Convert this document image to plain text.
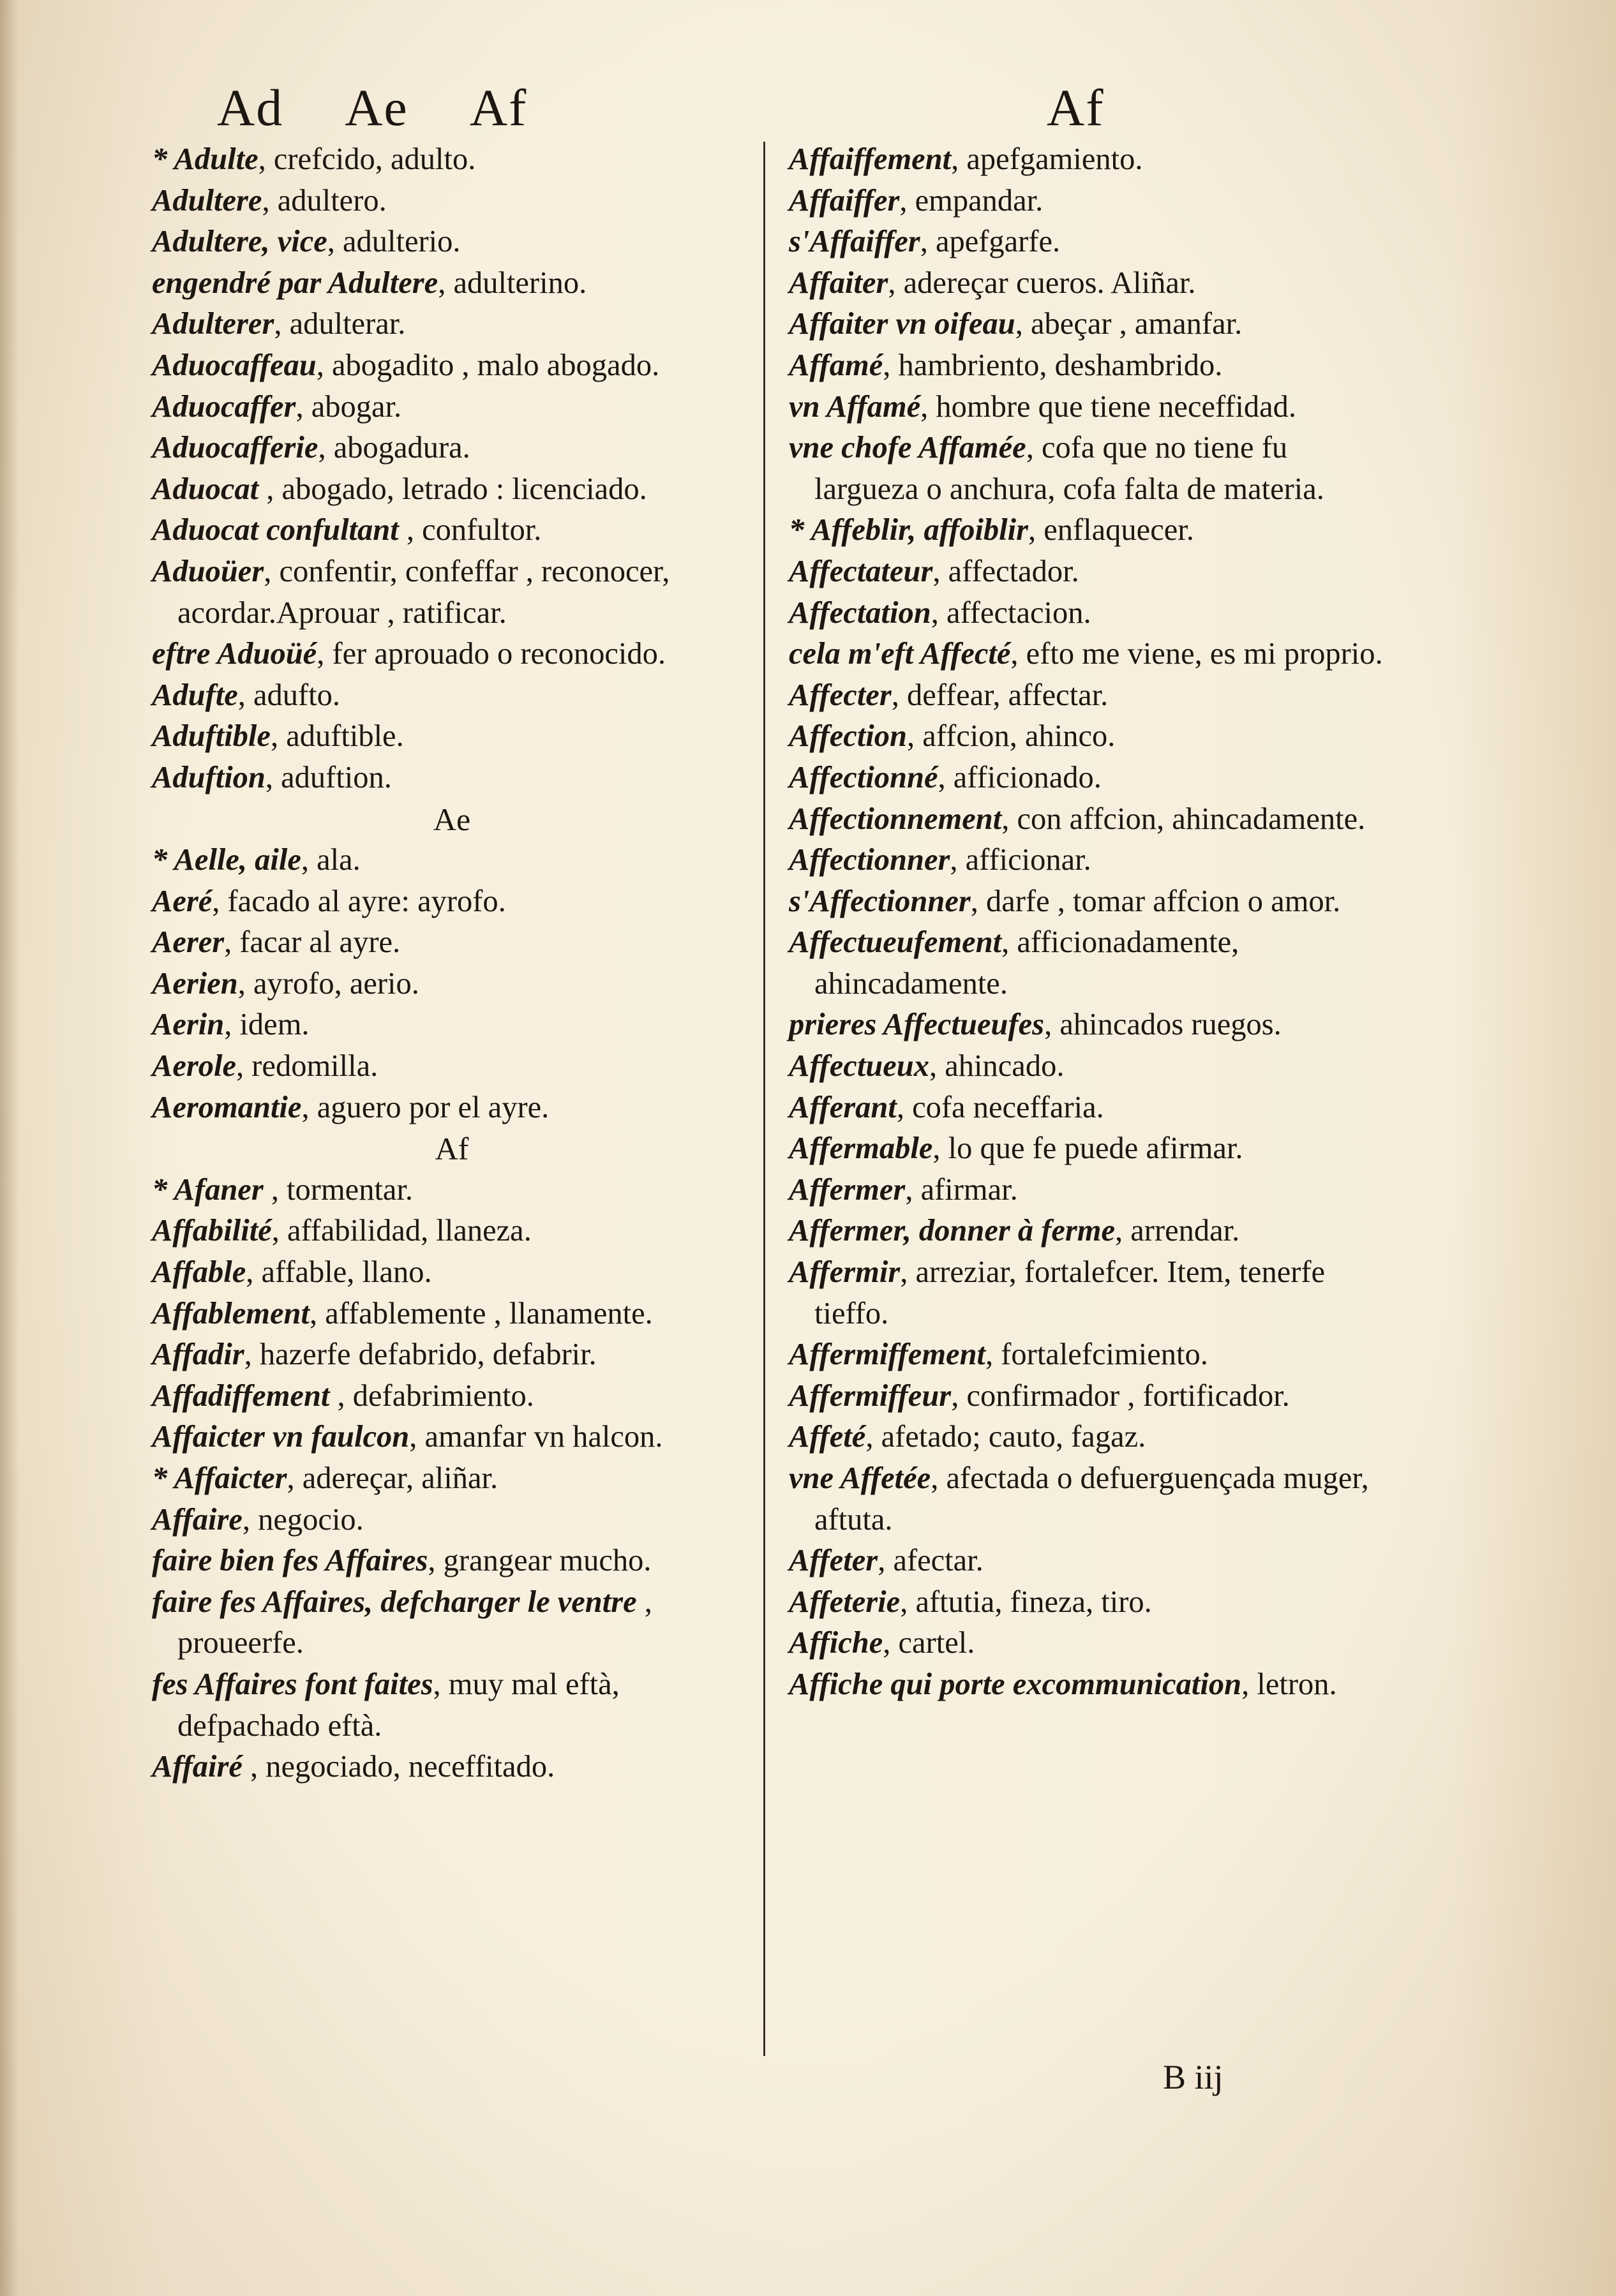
Ad Ae Af	Af

* Adulte, crefcido, adulto.

Adultere, adultero.

Adultere, vice, adulterio.

engendré par Adultere, adulterino.

Adulterer, adulterar.

Aduocaffeau, abogadito , malo abogado.

Aduocaffer, abogar.

Aduocafferie, abogadura.

Aduocat , abogado, letrado : licenciado.

Aduocat confultant , confultor.

Aduoüer, confentir, confeffar , reconocer, acordar.Aprouar , ratificar.

eftre Aduoüé, fer aprouado o reconocido.

Adufte, adufto.

Aduftible, aduftible.

Aduftion, aduftion.

Ae

* Aelle, aile, ala.

Aeré, facado al ayre: ayrofo.

Aerer, facar al ayre.

Aerien, ayrofo, aerio.

Aerin, idem.

Aerole, redomilla.

Aeromantie, aguero por el ayre.

Af

* Afaner , tormentar.

Affabilité, affabilidad, llaneza.

Affable, affable, llano.

Affablement, affablemente , llanamente.

Affadir, hazerfe defabrido, defabrir.

Affadiffement , defabrimiento.

Affaicter vn faulcon, amanfar vn halcon.

* Affaicter, adereçar, aliñar.

Affaire, negocio.

faire bien fes Affaires, grangear mucho.

faire fes Affaires, defcharger le ventre , proueerfe.

fes Affaires font faites, muy mal eftà, defpachado eftà.

Affairé , negociado, neceffitado.

Affaiffement, apefgamiento.

Affaiffer, empandar.

s'Affaiffer, apefgarfe.

Affaiter, adereçar cueros. Aliñar.

Affaiter vn oifeau, abeçar , amanfar.

Affamé, hambriento, deshambrido.

vn Affamé, hombre que tiene neceffidad.

vne chofe Affamée, cofa que no tiene fu largueza o anchura, cofa falta de materia.

* Affeblir, affoiblir, enflaquecer.

Affectateur, affectador.

Affectation, affectacion.

cela m'eft Affecté, efto me viene, es mi proprio.

Affecter, deffear, affectar.

Affection, affcion, ahinco.

Affectionné, afficionado.

Affectionnement, con affcion, ahincadamente.

Affectionner, afficionar.

s'Affectionner, darfe , tomar affcion o amor.

Affectueufement, afficionadamente, ahincadamente.

prieres Affectueufes, ahincados ruegos.

Affectueux, ahincado.

Afferant, cofa neceffaria.

Affermable, lo que fe puede afirmar.

Affermer, afirmar.

Affermer, donner à ferme, arrendar.

Affermir, arreziar, fortalefcer. Item, tenerfe tieffo.

Affermiffement, fortalefcimiento.

Affermiffeur, confirmador , fortificador.

Affeté, afetado; cauto, fagaz.

vne Affetée, afectada o defuerguençada muger, aftuta.

Affeter, afectar.

Affeterie, aftutia, fineza, tiro.

Affiche, cartel.

Affiche qui porte excommunication, letron.

B iij
